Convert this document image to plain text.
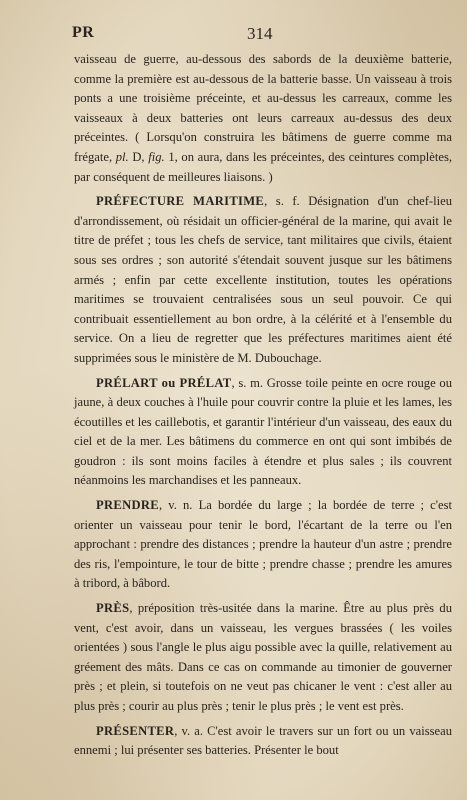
PR	314

vaisseau de guerre, au-dessous des sabords de la deuxième batterie, comme la première est au-dessous de la batterie basse. Un vaisseau à trois ponts a une troisième préceinte, et au-dessus les carreaux, comme les vaisseaux à deux batteries ont leurs carreaux au-dessus des deux préceintes. ( Lorsqu'on construira les bâtimens de guerre comme ma frégate, pl. D, fig. 1, on aura, dans les préceintes, des ceintures complètes, par conséquent de meilleures liaisons. )

PRÉFECTURE MARITIME, s. f. Désignation d'un chef-lieu d'arrondissement, où résidait un officier-général de la marine, qui avait le titre de préfet ; tous les chefs de service, tant militaires que civils, étaient sous ses ordres ; son autorité s'étendait souvent jusque sur les bâtimens armés ; enfin par cette excellente institution, toutes les opérations maritimes se trouvaient centralisées sous un seul pouvoir. Ce qui contribuait essentiellement au bon ordre, à la célérité et à l'ensemble du service. On a lieu de regretter que les préfectures maritimes aient été supprimées sous le ministère de M. Dubouchage.

PRÉLART ou PRÉLAT, s. m. Grosse toile peinte en ocre rouge ou jaune, à deux couches à l'huile pour couvrir contre la pluie et les lames, les écoutilles et les caillebotis, et garantir l'intérieur d'un vaisseau, des eaux du ciel et de la mer. Les bâtimens du commerce en ont qui sont imbibés de goudron : ils sont moins faciles à étendre et plus sales ; ils couvrent néanmoins les marchandises et les panneaux.

PRENDRE, v. n. La bordée du large ; la bordée de terre ; c'est orienter un vaisseau pour tenir le bord, l'écartant de la terre ou l'en approchant : prendre des distances ; prendre la hauteur d'un astre ; prendre des ris, l'empointure, le tour de bitte ; prendre chasse ; prendre les amures à tribord, à bâbord.

PRÈS, préposition très-usitée dans la marine. Être au plus près du vent, c'est avoir, dans un vaisseau, les vergues brassées ( les voiles orientées ) sous l'angle le plus aigu possible avec la quille, relativement au gréement des mâts. Dans ce cas on commande au timonier de gouverner près ; et plein, si toutefois on ne veut pas chicaner le vent : c'est aller au plus près ; courir au plus près ; tenir le plus près ; le vent est près.

PRÉSENTER, v. a. C'est avoir le travers sur un fort ou un vaisseau ennemi ; lui présenter ses batteries. Présenter le bout
